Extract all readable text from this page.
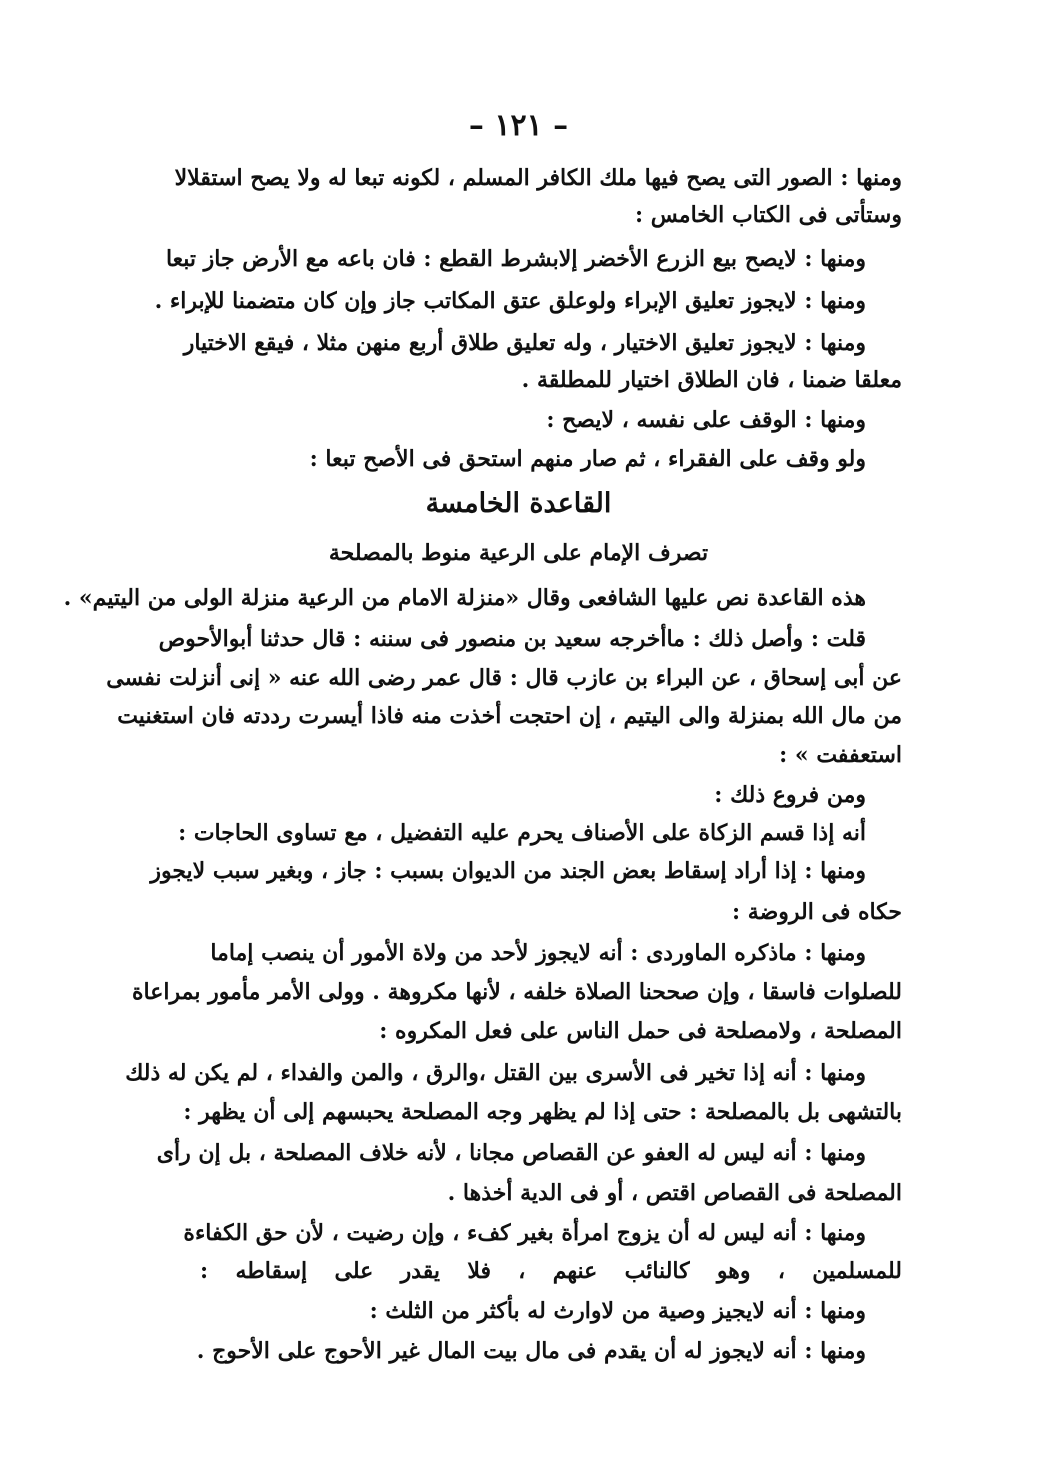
– ١٢١ –
ومنها : الصور التى يصح فيها ملك الكافر المسلم ، لكونه تبعا له ولا يصح استقلالا
وستأتى فى الكتاب الخامس :
ومنها : لايصح بيع الزرع الأخضر إلابشرط القطع : فان باعه مع الأرض جاز تبعا
ومنها : لايجوز تعليق الإبراء ولوعلق عتق المكاتب جاز وإن كان متضمنا للإبراء .
ومنها : لايجوز تعليق الاختيار ، وله تعليق طلاق أربع منهن مثلا ، فيقع الاختيار
معلقا ضمنا ، فان الطلاق اختيار للمطلقة .
ومنها : الوقف على نفسه ، لايصح :
ولو وقف على الفقراء ، ثم صار منهم استحق فى الأصح تبعا :
القاعدة الخامسة
تصرف الإمام على الرعية منوط بالمصلحة
هذه القاعدة نص عليها الشافعى وقال «منزلة الامام من الرعية منزلة الولى من اليتيم» .
قلت : وأصل ذلك : ماأخرجه سعيد بن منصور فى سننه : قال حدثنا أبوالأحوص
عن أبى إسحاق ، عن البراء بن عازب قال : قال عمر رضى الله عنه « إنى أنزلت نفسى
من مال الله بمنزلة والى اليتيم ، إن احتجت أخذت منه فاذا أيسرت رددته فان استغنيت
استعففت » :
ومن فروع ذلك :
أنه إذا قسم الزكاة على الأصناف يحرم عليه التفضيل ، مع تساوى الحاجات :
ومنها : إذا أراد إسقاط بعض الجند من الديوان بسبب : جاز ، وبغير سبب لايجوز
حكاه فى الروضة :
ومنها : ماذكره الماوردى : أنه لايجوز لأحد من ولاة الأمور أن ينصب إماما
للصلوات فاسقا ، وإن صححنا الصلاة خلفه ، لأنها مكروهة . وولى الأمر مأمور بمراعاة
المصلحة ، ولامصلحة فى حمل الناس على فعل المكروه :
ومنها : أنه إذا تخير فى الأسرى بين القتل ،والرق ، والمن والفداء ، لم يكن له ذلك
بالتشهى بل بالمصلحة : حتى إذا لم يظهر وجه المصلحة يحبسهم إلى أن يظهر :
ومنها : أنه ليس له العفو عن القصاص مجانا ، لأنه خلاف المصلحة ، بل إن رأى
المصلحة فى القصاص اقتص ، أو فى الدية أخذها .
ومنها : أنه ليس له أن يزوج امرأة بغير كفء ، وإن رضيت ، لأن حق الكفاءة
للمسلمين ، وهو كالنائب عنهم ، فلا يقدر على إسقاطه :
ومنها : أنه لايجيز وصية من لاوارث له بأكثر من الثلث :
ومنها : أنه لايجوز له أن يقدم فى مال بيت المال غير الأحوج على الأحوج .
